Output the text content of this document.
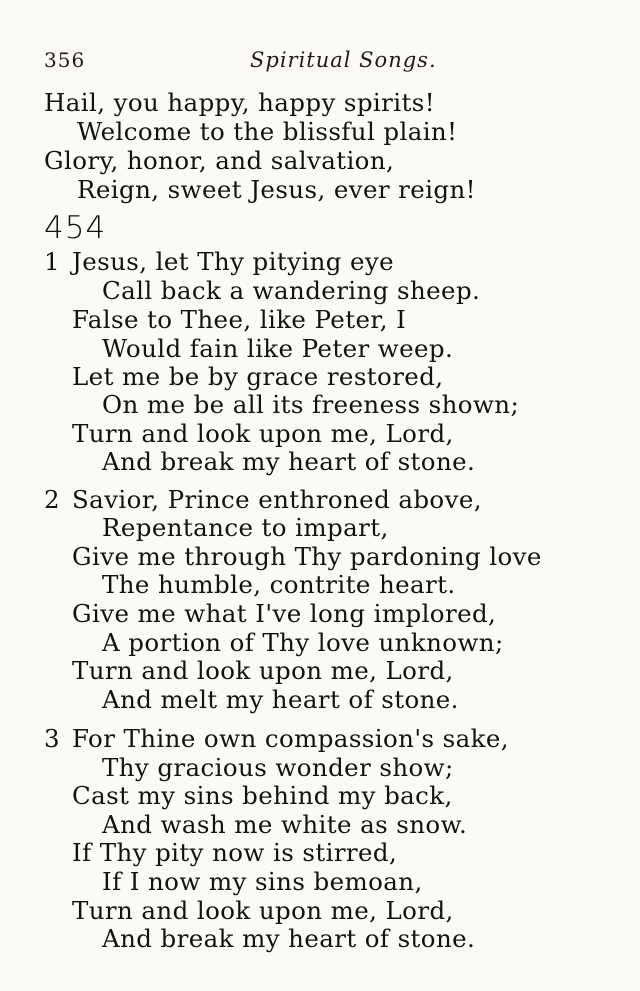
356	Spiritual Songs.
Hail, you happy, happy spirits!
Welcome to the blissful plain!
Glory, honor, and salvation,
Reign, sweet Jesus, ever reign!
454
1 Jesus, let Thy pitying eye
Call back a wandering sheep.
False to Thee, like Peter, I
Would fain like Peter weep.
Let me be by grace restored,
On me be all its freeness shown;
Turn and look upon me, Lord,
And break my heart of stone.
2 Savior, Prince enthroned above,
Repentance to impart,
Give me through Thy pardoning love
The humble, contrite heart.
Give me what I've long implored,
A portion of Thy love unknown;
Turn and look upon me, Lord,
And melt my heart of stone.
3 For Thine own compassion's sake,
Thy gracious wonder show;
Cast my sins behind my back,
And wash me white as snow.
If Thy pity now is stirred,
If I now my sins bemoan,
Turn and look upon me, Lord,
And break my heart of stone.
